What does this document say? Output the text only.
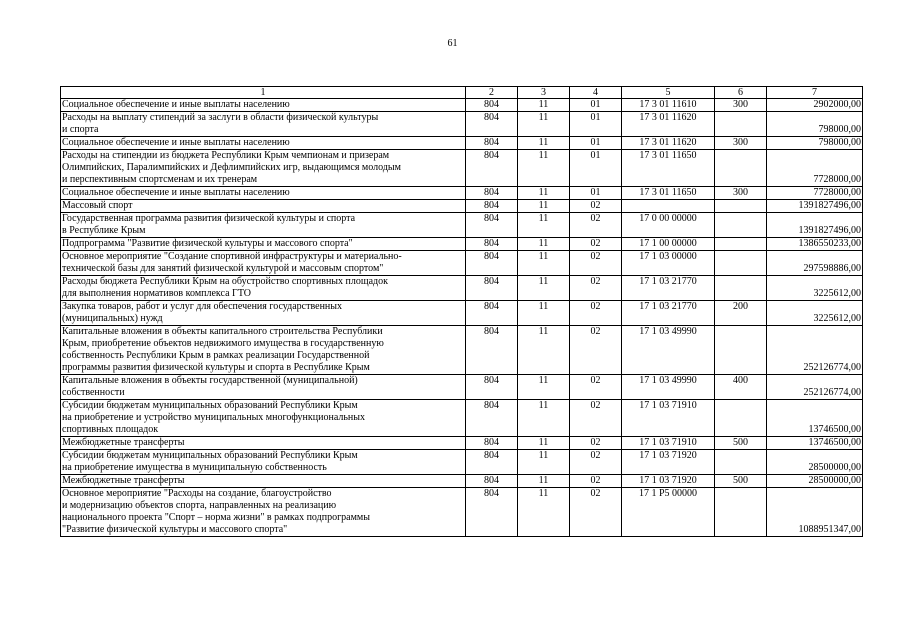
61
1	2	3	4	5	6	7
Социальное обеспечение и иные выплаты населению	804	11	01	17 3 01 11610	300	2902000,00
Расходы на выплату стипендий за заслуги в области физической культуры
и спорта	804	11	01	17 3 01 11620		798000,00
Социальное обеспечение и иные выплаты населению	804	11	01	17 3 01 11620	300	798000,00
Расходы на стипендии из бюджета Республики Крым чемпионам и призерам
Олимпийских, Паралимпийских и Дефлимпийских игр, выдающимся молодым
и перспективным спортсменам и их тренерам	804	11	01	17 3 01 11650		7728000,00
Социальное обеспечение и иные выплаты населению	804	11	01	17 3 01 11650	300	7728000,00
Массовый спорт	804	11	02			1391827496,00
Государственная программа развития физической культуры и спорта
в Республике Крым	804	11	02	17 0 00 00000		1391827496,00
Подпрограмма "Развитие физической культуры и массового спорта"	804	11	02	17 1 00 00000		1386550233,00
Основное мероприятие "Создание спортивной инфраструктуры и материально-
технической базы для занятий физической культурой и массовым спортом"	804	11	02	17 1 03 00000		297598886,00
Расходы бюджета Республики Крым на обустройство спортивных площадок
для выполнения нормативов комплекса ГТО	804	11	02	17 1 03 21770		3225612,00
Закупка товаров, работ и услуг для обеспечения государственных
(муниципальных) нужд	804	11	02	17 1 03 21770	200	3225612,00
Капитальные вложения в объекты капитального строительства Республики
Крым, приобретение объектов недвижимого имущества в государственную
собственность Республики Крым в рамках реализации Государственной
программы развития физической культуры и спорта в Республике Крым	804	11	02	17 1 03 49990		252126774,00
Капитальные вложения в объекты государственной (муниципальной)
собственности	804	11	02	17 1 03 49990	400	252126774,00
Субсидии бюджетам муниципальных образований Республики Крым
на приобретение и устройство муниципальных многофункциональных
спортивных площадок	804	11	02	17 1 03 71910		13746500,00
Межбюджетные трансферты	804	11	02	17 1 03 71910	500	13746500,00
Субсидии бюджетам муниципальных образований Республики Крым
на приобретение имущества в муниципальную собственность	804	11	02	17 1 03 71920		28500000,00
Межбюджетные трансферты	804	11	02	17 1 03 71920	500	28500000,00
Основное мероприятие "Расходы на создание, благоустройство
и модернизацию объектов спорта, направленных на реализацию
национального проекта "Спорт – норма жизни" в рамках подпрограммы
"Развитие физической культуры и массового спорта"	804	11	02	17 1 P5 00000		1088951347,00
